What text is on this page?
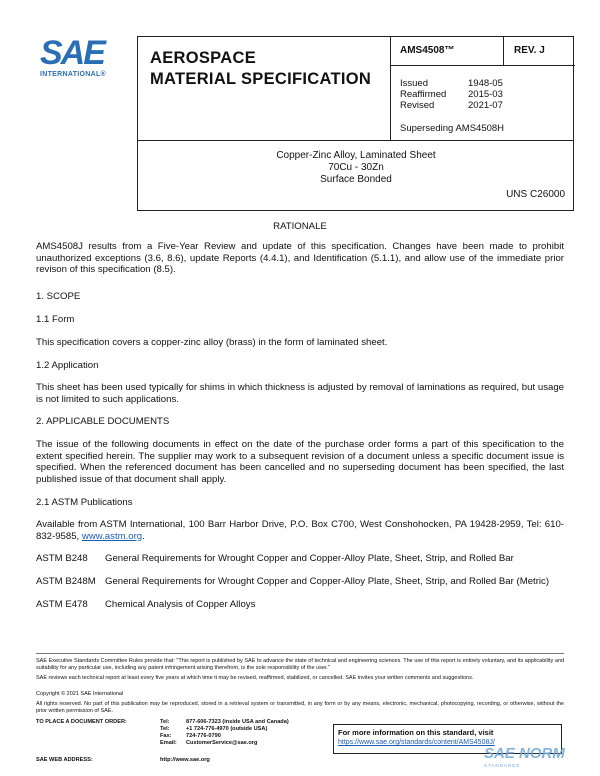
SAE
INTERNATIONAL®
AEROSPACE
MATERIAL SPECIFICATION
AMS4508™	REV. J
Issued	1948-05
Reaffirmed 2015-03
Revised	2021-07
Superseding AMS4508H
Copper-Zinc Alloy, Laminated Sheet
70Cu - 30Zn
Surface Bonded
UNS C26000
RATIONALE
AMS4508J results from a Five-Year Review and update of this specification. Changes have been made to prohibit unauthorized exceptions (3.6, 8.6), update Reports (4.4.1), and Identification (5.1.1), and allow use of the immediate prior revison of this specification (8.5).
1. SCOPE
1.1 Form
This specification covers a copper-zinc alloy (brass) in the form of laminated sheet.
1.2 Application
This sheet has been used typically for shims in which thickness is adjusted by removal of laminations as required, but usage is not limited to such applications.
2. APPLICABLE DOCUMENTS
The issue of the following documents in effect on the date of the purchase order forms a part of this specification to the extent specified herein. The supplier may work to a subsequent revision of a document unless a specific document issue is specified. When the referenced document has been cancelled and no superseding document has been specified, the last published issue of that document shall apply.
2.1 ASTM Publications
Available from ASTM International, 100 Barr Harbor Drive, P.O. Box C700, West Conshohocken, PA 19428-2959, Tel: 610-832-9585, www.astm.org.
ASTM B248 General Requirements for Wrought Copper and Copper-Alloy Plate, Sheet, Strip, and Rolled Bar
ASTM B248M General Requirements for Wrought Copper and Copper-Alloy Plate, Sheet, Strip, and Rolled Bar (Metric)
ASTM E478 Chemical Analysis of Copper Alloys
SAE Executive Standards Committee Rules provide that: "This report is published by SAE to advance the state of technical and engineering sciences. The use of this report is entirely voluntary, and its applicability and suitability for any particular use, including any patent infringement arising therefrom, is the sole responsibility of the user."
SAE reviews each technical report at least every five years at which time it may be revised, reaffirmed, stabilized, or cancelled. SAE invites your written comments and suggestions.
Copyright © 2021 SAE International
All rights reserved. No part of this publication may be reproduced, stored in a retrieval system or transmitted, in any form or by any means, electronic, mechanical, photocopying, recording, or otherwise, without the prior written permission of SAE.
TO PLACE A DOCUMENT ORDER:	Tel:	877-606-7323 (inside USA and Canada)
Tel:	+1 724-776-4970 (outside USA)
Fax:	724-776-0790
Email: CustomerService@sae.org
SAE WEB ADDRESS:	http://www.sae.org
For more information on this standard, visit
https://www.sae.org/standards/content/AMS4508J/
SAE NORM
STANDARDS
